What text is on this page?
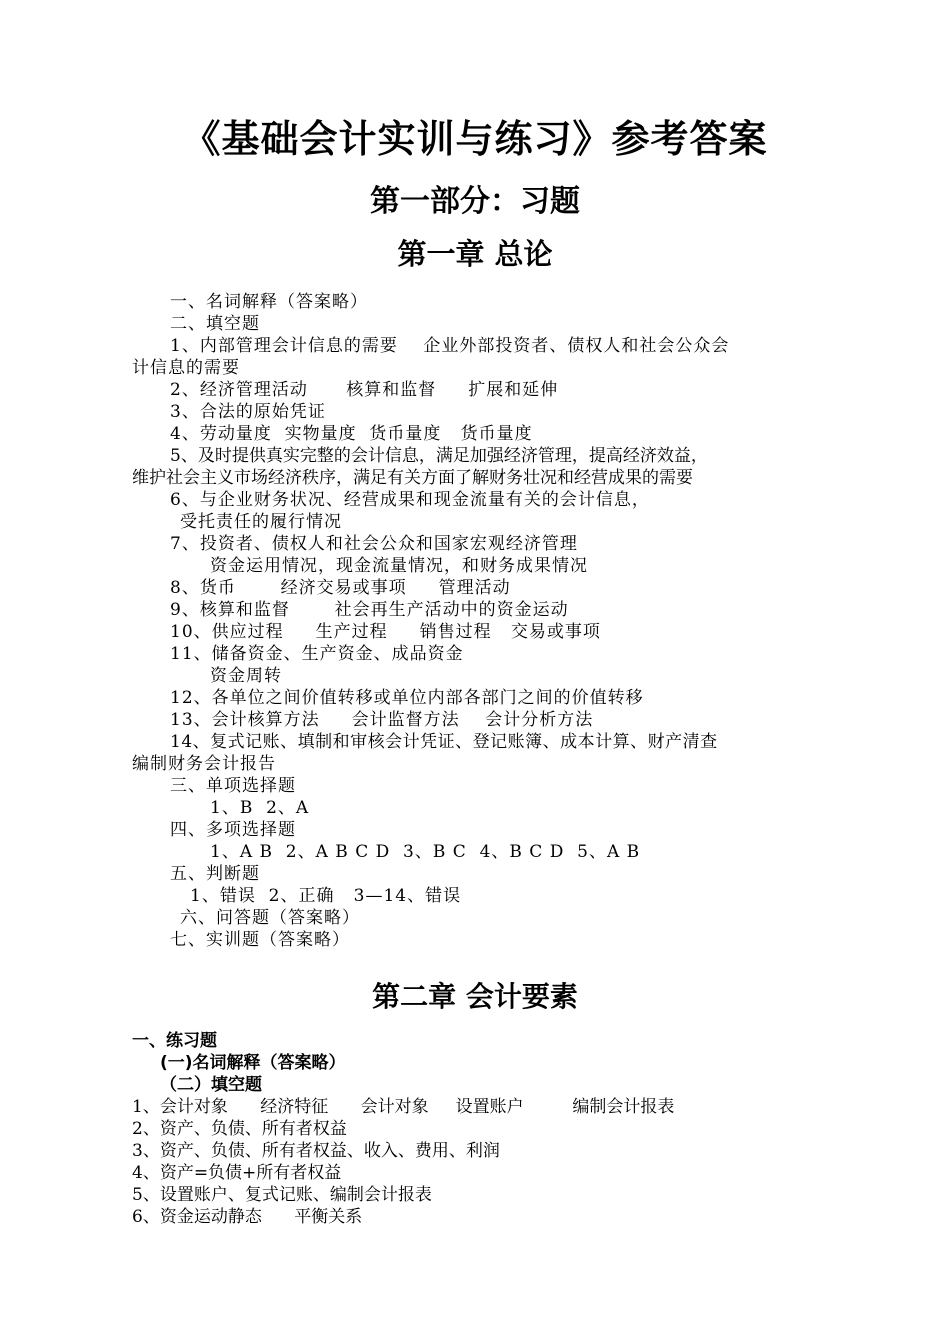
《基础会计实训与练习》参考答案
第一部分：习题
第一章 总论
一、名词解释（答案略）
二、填空题
1、内部管理会计信息的需要    企业外部投资者、债权人和社会公众会
计信息的需要
2、经济管理活动      核算和监督     扩展和延伸
3、合法的原始凭证
4、劳动量度  实物量度  货币量度   货币量度
5、及时提供真实完整的会计信息，满足加强经济管理，提高经济效益，
维护社会主义市场经济秩序，满足有关方面了解财务壮况和经营成果的需要
6、与企业财务状况、经营成果和现金流量有关的会计信息，
受托责任的履行情况
7、投资者、债权人和社会公众和国家宏观经济管理
资金运用情况，现金流量情况，和财务成果情况
8、货币       经济交易或事项     管理活动
9、核算和监督       社会再生产活动中的资金运动
10、供应过程     生产过程     销售过程   交易或事项
11、储备资金、生产资金、成品资金
资金周转
12、各单位之间价值转移或单位内部各部门之间的价值转移
13、会计核算方法     会计监督方法    会计分析方法
14、复式记账、填制和审核会计凭证、登记账簿、成本计算、财产清查
编制财务会计报告
三、单项选择题
1、B  2、A
四、多项选择题
1、A B  2、A B C D  3、B C  4、B C D  5、A B
五、判断题
1、错误  2、正确   3—14、错误
六、问答题（答案略）
七、实训题（答案略）
第二章 会计要素
一、练习题
(一)名词解释（答案略）
（二）填空题
1、会计对象      经济特征      会计对象     设置账户         编制会计报表
2、资产、负债、所有者权益
3、资产、负债、所有者权益、收入、费用、利润
4、资产=负债+所有者权益
5、设置账户、复式记账、编制会计报表
6、资金运动静态      平衡关系
